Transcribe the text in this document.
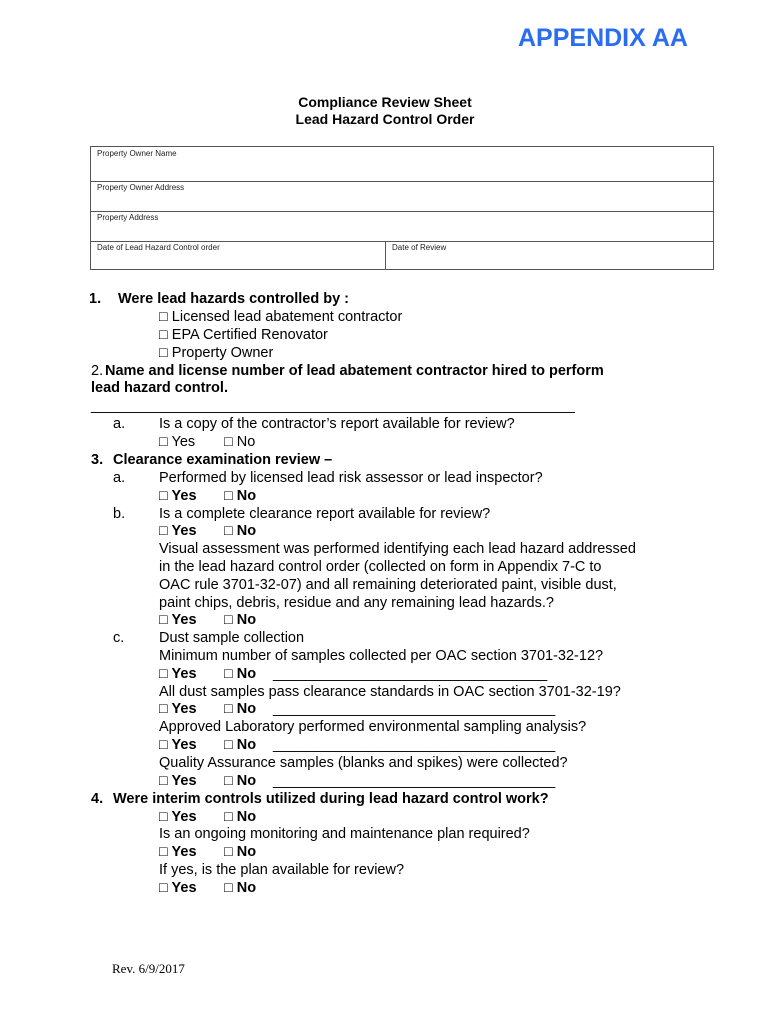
APPENDIX AA
Compliance Review Sheet
Lead Hazard Control Order
Property Owner Name
Property Owner Address
Property Address
Date of Lead Hazard Control order	Date of Review
1. Were lead hazards controlled by :
□ Licensed lead abatement contractor
□ EPA Certified Renovator
□ Property Owner
2. Name and license number of lead abatement contractor hired to perform
lead hazard control.
____________________________________________________________
a. Is a copy of the contractor’s report available for review?
□ Yes □ No
3. Clearance examination review –
a. Performed by licensed lead risk assessor or lead inspector?
□ Yes □ No
b. Is a complete clearance report available for review?
□ Yes □ No
Visual assessment was performed identifying each lead hazard addressed
in the lead hazard control order (collected on form in Appendix 7-C to
OAC rule 3701-32-07) and all remaining deteriorated paint, visible dust,
paint chips, debris, residue and any remaining lead hazards.?
□ Yes □ No
c. Dust sample collection
Minimum number of samples collected per OAC section 3701-32-12?
□ Yes □ No __________________________________
All dust samples pass clearance standards in OAC section 3701-32-19?
□ Yes □ No ___________________________________
Approved Laboratory performed environmental sampling analysis?
□ Yes □ No ___________________________________
Quality Assurance samples (blanks and spikes) were collected?
□ Yes □ No ___________________________________
4. Were interim controls utilized during lead hazard control work?
□ Yes □ No
Is an ongoing monitoring and maintenance plan required?
□ Yes □ No
If yes, is the plan available for review?
□ Yes □ No
Rev. 6/9/2017
